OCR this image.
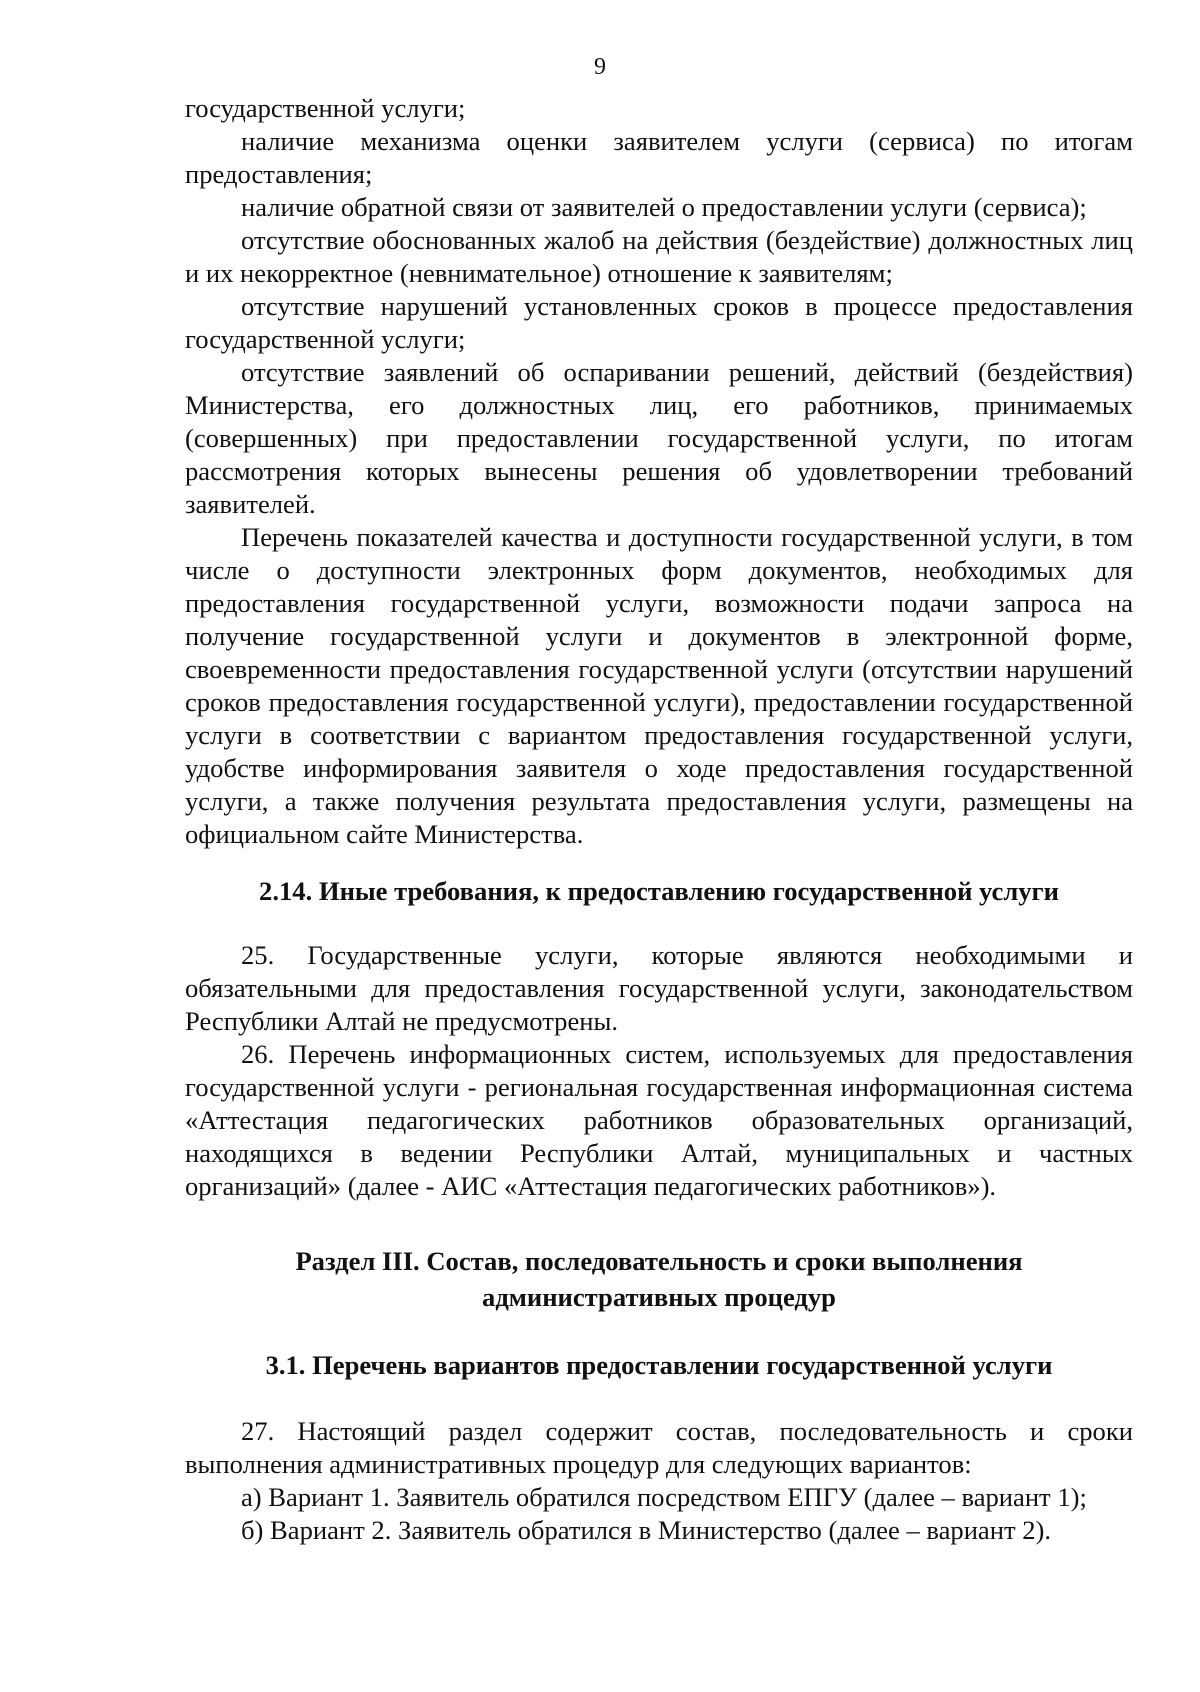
9

государственной услуги;

наличие механизма оценки заявителем услуги (сервиса) по итогам предоставления;

наличие обратной связи от заявителей о предоставлении услуги (сервиса);

отсутствие обоснованных жалоб на действия (бездействие) должностных лиц и их некорректное (невнимательное) отношение к заявителям;

отсутствие нарушений установленных сроков в процессе предоставления государственной услуги;

отсутствие заявлений об оспаривании решений, действий (бездействия) Министерства, его должностных лиц, его работников, принимаемых (совершенных) при предоставлении государственной услуги, по итогам рассмотрения которых вынесены решения об удовлетворении требований заявителей.

Перечень показателей качества и доступности государственной услуги, в том числе о доступности электронных форм документов, необходимых для предоставления государственной услуги, возможности подачи запроса на получение государственной услуги и документов в электронной форме, своевременности предоставления государственной услуги (отсутствии нарушений сроков предоставления государственной услуги), предоставлении государственной услуги в соответствии с вариантом предоставления государственной услуги, удобстве информирования заявителя о ходе предоставления государственной услуги, а также получения результата предоставления услуги, размещены на официальном сайте Министерства.

2.14. Иные требования, к предоставлению государственной услуги

25. Государственные услуги, которые являются необходимыми и обязательными для предоставления государственной услуги, законодательством Республики Алтай не предусмотрены.

26. Перечень информационных систем, используемых для предоставления государственной услуги - региональная государственная информационная система «Аттестация педагогических работников образовательных организаций, находящихся в ведении Республики Алтай, муниципальных и частных организаций» (далее - АИС «Аттестация педагогических работников»).

Раздел III. Состав, последовательность и сроки выполнения
административных процедур
3.1. Перечень вариантов предоставлении государственной услуги

27. Настоящий раздел содержит состав, последовательность и сроки выполнения административных процедур для следующих вариантов:

а) Вариант 1. Заявитель обратился посредством ЕПГУ (далее – вариант 1);

б) Вариант 2. Заявитель обратился в Министерство (далее – вариант 2).
